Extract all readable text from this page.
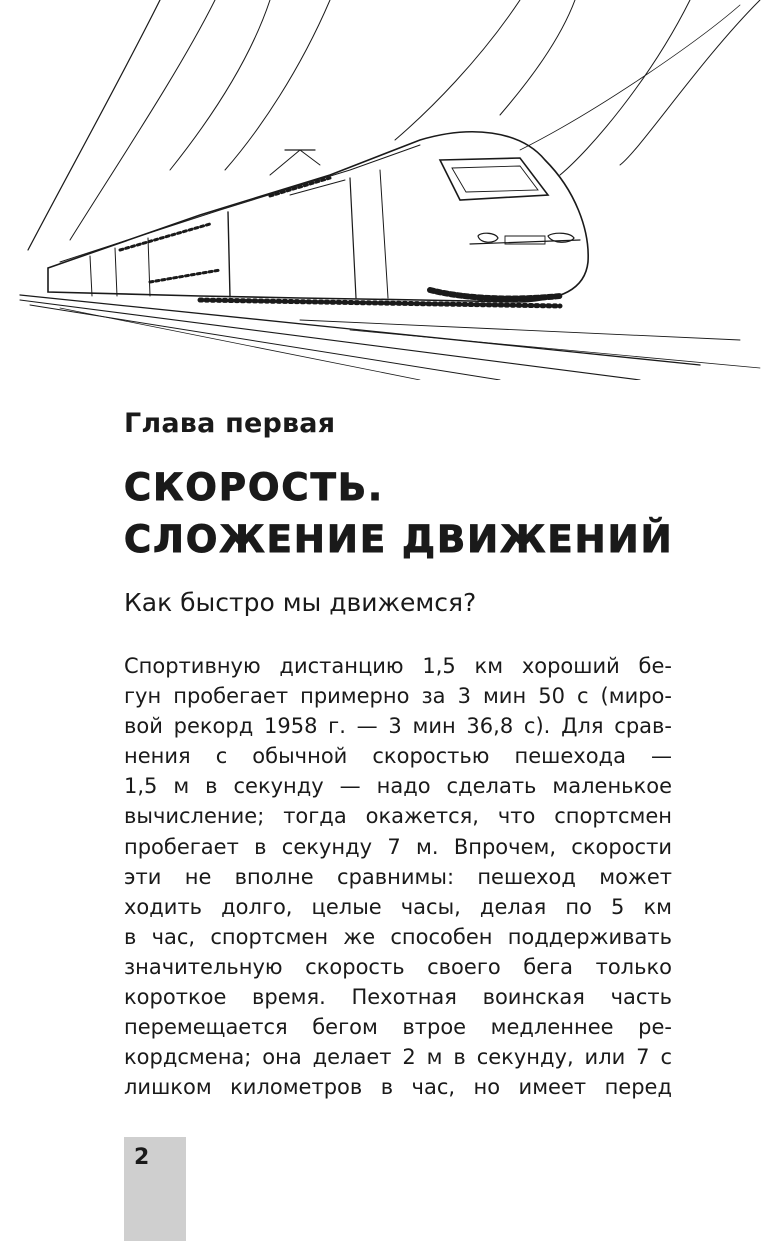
Глава первая
СКОРОСТЬ.
СЛОЖЕНИЕ ДВИЖЕНИЙ
Как быстро мы движемся?
Спортивную дистанцию 1,5 км хороший бе-
гун пробегает примерно за 3 мин 50 с (миро-
вой рекорд 1958 г. — 3 мин 36,8 с). Для срав-
нения с обычной скоростью пешехода —
1,5 м в секунду — надо сделать маленькое
вычисление; тогда окажется, что спортсмен
пробегает в секунду 7 м. Впрочем, скорости
эти не вполне сравнимы: пешеход может
ходить долго, целые часы, делая по 5 км
в час, спортсмен же способен поддерживать
значительную скорость своего бега только
короткое время. Пехотная воинская часть
перемещается бегом втрое медленнее ре-
кордсмена; она делает 2 м в секунду, или 7 с
лишком километров в час, но имеет перед
2
